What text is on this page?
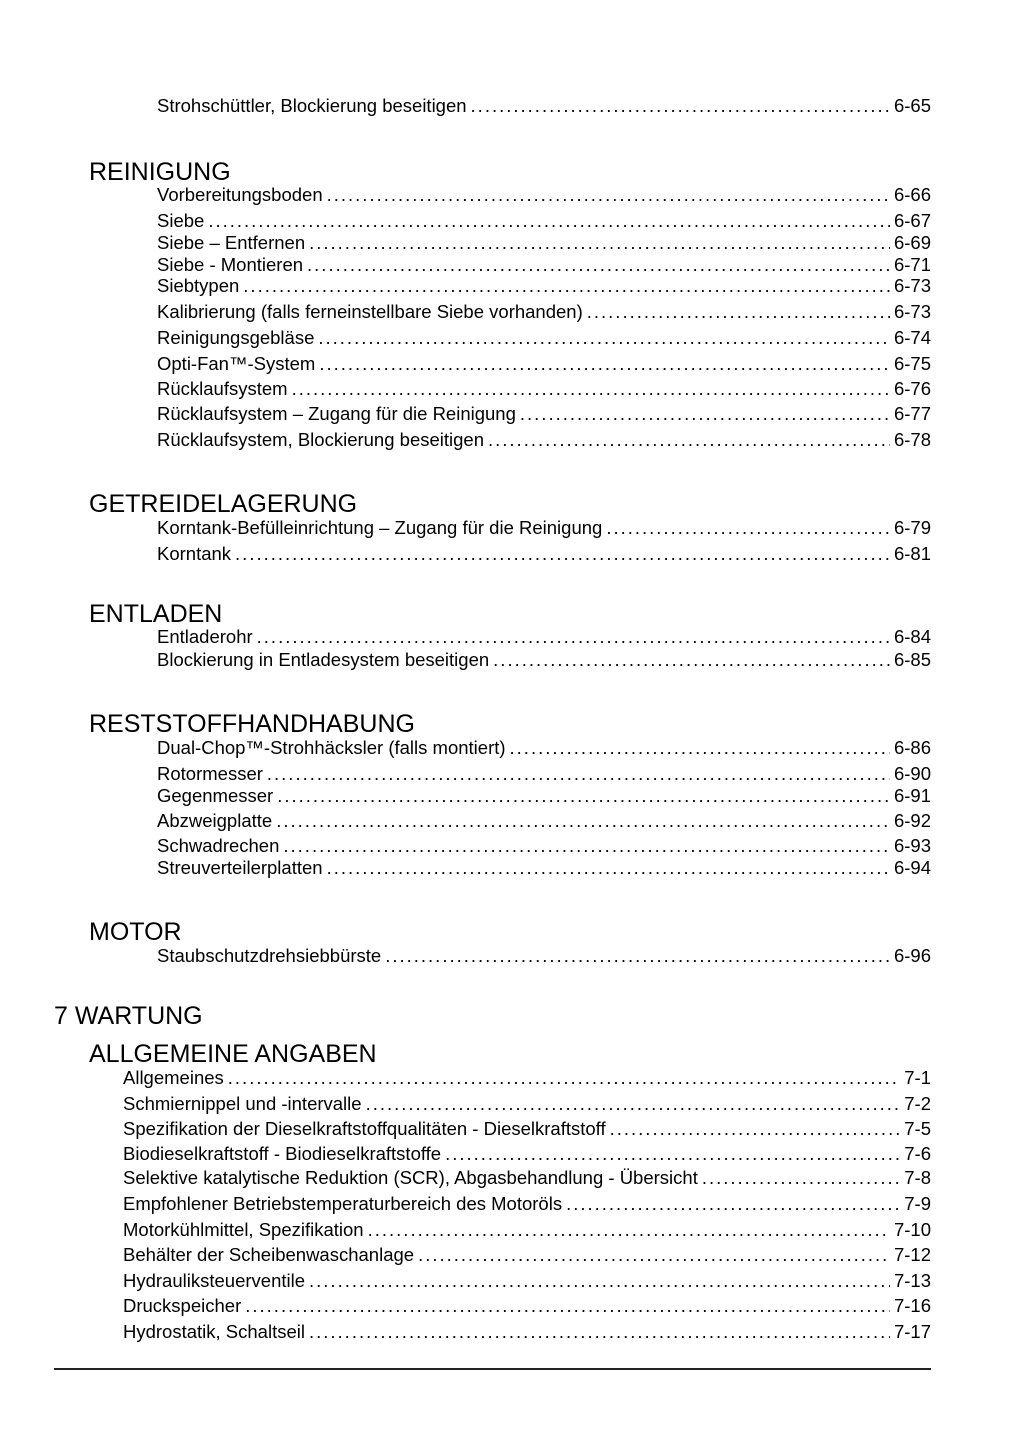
Strohschüttler, Blockierung beseitigen .....	6-65
REINIGUNG
Vorbereitungsboden .....	6-66
Siebe .....	6-67
Siebe – Entfernen .....	6-69
Siebe - Montieren .....	6-71
Siebtypen .....	6-73
Kalibrierung (falls ferneinstellbare Siebe vorhanden) .....	6-73
Reinigungsgebläse .....	6-74
Opti-Fan™-System .....	6-75
Rücklaufsystem .....	6-76
Rücklaufsystem – Zugang für die Reinigung .....	6-77
Rücklaufsystem, Blockierung beseitigen .....	6-78
GETREIDELAGERUNG
Korntank-Befülleinrichtung – Zugang für die Reinigung .....	6-79
Korntank .....	6-81
ENTLADEN
Entladerohr .....	6-84
Blockierung in Entladesystem beseitigen .....	6-85
RESTSTOFFHANDHABUNG
Dual-Chop™-Strohhäcksler (falls montiert) .....	6-86
Rotormesser .....	6-90
Gegenmesser .....	6-91
Abzweigplatte .....	6-92
Schwadrechen .....	6-93
Streuverteilerplatten .....	6-94
MOTOR
Staubschutzdrehsiebbürste .....	6-96
7 WARTUNG
ALLGEMEINE ANGABEN
Allgemeines .....	7-1
Schmiernippel und -intervalle .....	7-2
Spezifikation der Dieselkraftstoffqualitäten - Dieselkraftstoff .....	7-5
Biodieselkraftstoff - Biodieselkraftstoffe .....	7-6
Selektive katalytische Reduktion (SCR), Abgasbehandlung - Übersicht .....	7-8
Empfohlener Betriebstemperaturbereich des Motoröls .....	7-9
Motorkühlmittel, Spezifikation .....	7-10
Behälter der Scheibenwaschanlage .....	7-12
Hydrauliksteuerventile .....	7-13
Druckspeicher .....	7-16
Hydrostatik, Schaltseil .....	7-17
